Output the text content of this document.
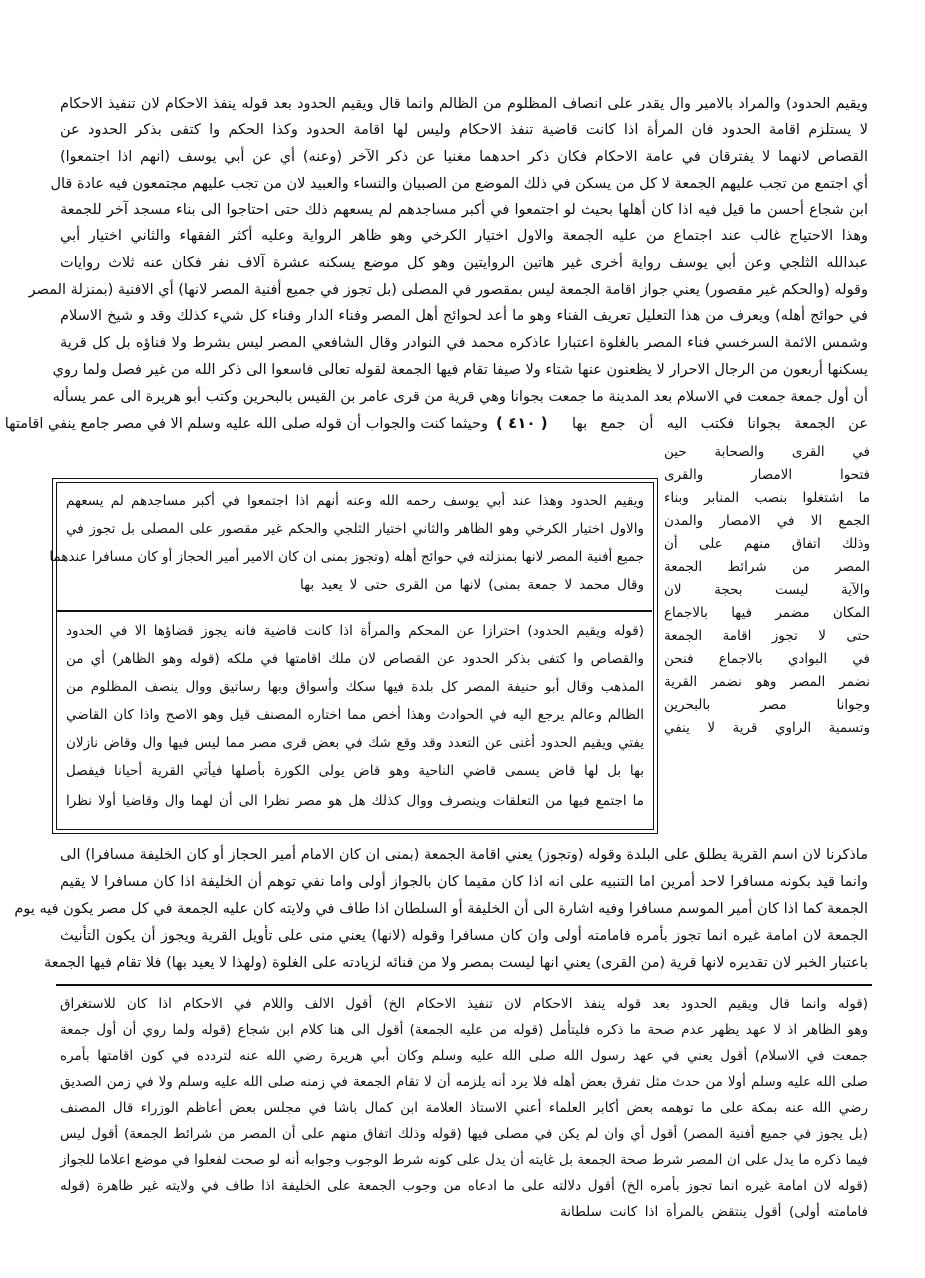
ويقيم الحدود) والمراد بالامير وال يقدر على انصاف المظلوم من الظالم وانما قال ويقيم الحدود بعد قوله ينفذ الاحكام لان تنفيذ الاحكام
لا يستلزم اقامة الحدود فان المرأة اذا كانت قاضية تنفذ الاحكام وليس لها اقامة الحدود وكذا الحكم وا كتفى بذكر الحدود عن
القصاص لانهما لا يفترقان في عامة الاحكام فكان ذكر احدهما مغنيا عن ذكر الآخر (وعنه) أي عن أبي يوسف (انهم اذا اجتمعوا)
أي اجتمع من تجب عليهم الجمعة لا كل من يسكن في ذلك الموضع من الصبيان والنساء والعبيد لان من تجب عليهم مجتمعون فيه عادة قال
ابن شجاع أحسن ما قيل فيه اذا كان أهلها بحيث لو اجتمعوا في أكبر مساجدهم لم يسعهم ذلك حتى احتاجوا الى بناء مسجد آخر للجمعة
وهذا الاحتياج غالب عند اجتماع من عليه الجمعة والاول اختيار الكرخي وهو ظاهر الرواية وعليه أكثر الفقهاء والثاني اختيار أبي
عبدالله الثلجي وعن أبي يوسف رواية أخرى غير هاتين الروايتين وهو كل موضع يسكنه عشرة آلاف نفر فكان عنه ثلاث روايات
وقوله (والحكم غير مقصور) يعني جواز اقامة الجمعة ليس بمقصور في المصلى (بل تجوز في جميع أفنية المصر لانها) أي الافنية (بمنزلة المصر
في حوائج أهله) ويعرف من هذا التعليل تعريف الفناء وهو ما أعد لحوائج أهل المصر وفناء الدار وفناء كل شيء كذلك وقد و شيخ الاسلام
وشمس الائمة السرخسي فناء المصر بالغلوة اعتبارا عاذكره محمد في النوادر وقال الشافعي المصر ليس بشرط ولا فناؤه بل كل قرية
يسكنها أربعون من الرجال الاحرار لا يظعنون عنها شتاء ولا صيفا تقام فيها الجمعة لقوله تعالى فاسعوا الى ذكر الله من غير فصل ولما روي
أن أول جمعة جمعت في الاسلام بعد المدينة ما جمعت بجوانا وهي قرية من قرى عامر بن القيس بالبحرين وكتب أبو هريرة الى عمر يسأله
عن الجمعة بجوانا فكتب اليه أن جمع بها
( ٤١٠ )
وحيثما كنت والجواب أن قوله صلى الله عليه وسلم الا في مصر جامع ينفي اقامتها
في القرى والصحابة حين
فتحوا الامصار والقرى
ما اشتغلوا بنصب المنابر وبناء
الجمع الا في الامصار والمدن
وذلك اتفاق منهم على أن
المصر من شرائط الجمعة
والآية ليست بحجة لان
المكان مضمر فيها بالاجماع
حتى لا تجوز اقامة الجمعة
في البوادي بالاجماع فنحن
نضمر المصر وهو نضمر القرية
وجوانا مصر بالبحرين
وتسمية الراوي قرية لا ينفي
ويقيم الحدود وهذا عند أبي يوسف رحمه الله وعنه أنهم اذا اجتمعوا في أكبر مساجدهم لم يسعهم
والاول اختيار الكرخي وهو الظاهر والثاني اختيار الثلجي والحكم غير مقصور على المصلى بل تجوز في
جميع أفنية المصر لانها بمنزلته في حوائج أهله (وتجوز بمنى ان كان الامير أمير الحجاز أو كان مسافرا عندهما
وقال محمد لا جمعة بمنى) لانها من القرى حتى لا يعيد بها
(قوله ويقيم الحدود) احترازا عن المحكم والمرأة اذا كانت قاضية فانه يجوز قضاؤها الا في الحدود
والقصاص وا كتفى بذكر الحدود عن القصاص لان ملك اقامتها في ملكه (قوله وهو الظاهر) أي من
المذهب وقال أبو حنيفة المصر كل بلدة فيها سكك وأسواق وبها رساتيق ووال ينصف المظلوم من
الظالم وعالم يرجع اليه في الحوادث وهذا أخص مما اختاره المصنف قيل وهو الاصح واذا كان القاضي
يفتي ويقيم الحدود أغنى عن التعدد وقد وقع شك في بعض قرى مصر مما ليس فيها وال وقاض نازلان
بها بل لها قاض يسمى قاضي الناحية وهو قاض يولى الكورة بأصلها فيأتي القرية أحيانا فيفصل
ما اجتمع فيها من التعلقات وينصرف ووال كذلك هل هو مصر نظرا الى أن لهما وال وقاضيا أولا نظرا
ماذكرنا لان اسم القرية يطلق على البلدة وقوله (وتجوز) يعني اقامة الجمعة (بمنى ان كان الامام أمير الحجاز أو كان الخليفة مسافرا) الى
وانما قيد بكونه مسافرا لاحد أمرين اما التنبيه على انه اذا كان مقيما كان بالجواز أولى واما نفي توهم أن الخليفة اذا كان مسافرا لا يقيم
الجمعة كما اذا كان أمير الموسم مسافرا وفيه اشارة الى أن الخليفة أو السلطان اذا طاف في ولايته كان عليه الجمعة في كل مصر يكون فيه يوم
الجمعة لان امامة غيره انما تجوز بأمره فامامته أولى وان كان مسافرا وقوله (لانها) يعني منى على تأويل القرية ويجوز أن يكون التأنيث
باعتبار الخبر لان تقديره لانها قرية (من القرى) يعني انها ليست بمصر ولا من فنائه لزيادته على الغلوة (ولهذا لا يعيد بها) فلا تقام فيها الجمعة
(قوله وانما قال ويقيم الحدود بعد قوله ينفذ الاحكام لان تنفيذ الاحكام الخ) أقول الالف واللام في الاحكام اذا كان للاستغراق
وهو الظاهر اذ لا عهد يظهر عدم صحة ما ذكره فليتأمل (قوله من عليه الجمعة) أقول الى هنا كلام ابن شجاع (قوله ولما روي أن أول جمعة
جمعت في الاسلام) أقول يعني في عهد رسول الله صلى الله عليه وسلم وكان أبي هريرة رضي الله عنه لتردده في كون اقامتها بأمره
صلى الله عليه وسلم أولا من حدث مثل تفرق بعض أهله فلا يرد أنه يلزمه أن لا تقام الجمعة في زمنه صلى الله عليه وسلم ولا في زمن الصديق
رضي الله عنه بمكة على ما توهمه بعض أكابر العلماء أعني الاستاذ العلامة ابن كمال باشا في مجلس بعض أعاظم الوزراء قال المصنف
(بل يجوز في جميع أفنية المصر) أقول أي وان لم يكن في مصلى فيها (قوله وذلك اتفاق منهم على أن المصر من شرائط الجمعة) أقول ليس
فيما ذكره ما يدل على ان المصر شرط صحة الجمعة بل غايته أن يدل على كونه شرط الوجوب وجوابه أنه لو صحت لفعلوا في موضع اعلاما للجواز
(قوله لان امامة غيره انما تجوز بأمره الخ) أقول دلالته على ما ادعاه من وجوب الجمعة على الخليفة اذا طاف في ولايته غير ظاهرة (قوله
فامامته أولى) أقول ينتقض بالمرأة اذا كانت سلطانة
